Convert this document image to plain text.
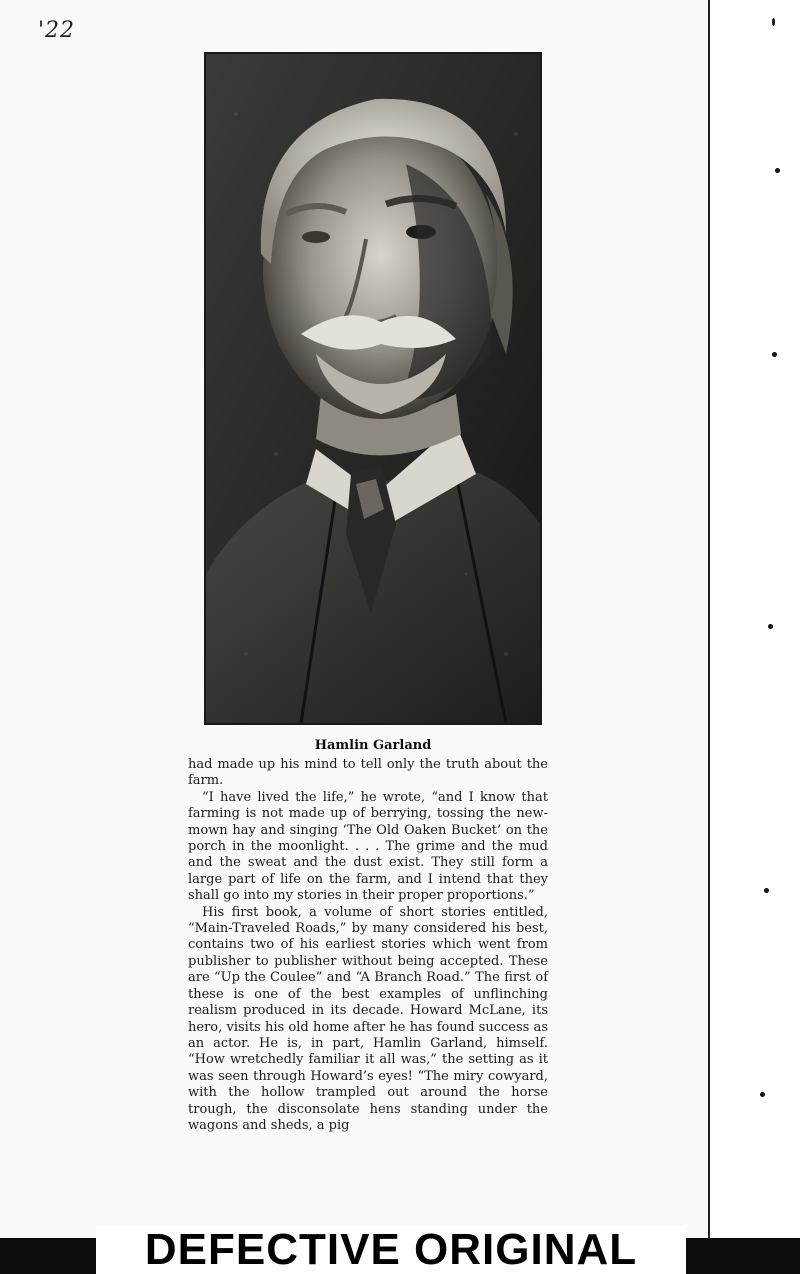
'22
Hamlin Garland

had made up his mind to tell only the truth about the farm.

“I have lived the life,” he wrote, “and I know that farming is not made up of berrying, tossing the new-mown hay and singing ‘The Old Oaken Bucket’ on the porch in the moonlight. . . . The grime and the mud and the sweat and the dust exist. They still form a large part of life on the farm, and I intend that they shall go into my stories in their proper proportions.”

His first book, a volume of short stories entitled, “Main-Traveled Roads,” by many considered his best, contains two of his earliest stories which went from publisher to publisher without being accepted. These are “Up the Coulee” and “A Branch Road.” The first of these is one of the best examples of unflinching realism produced in its decade. Howard McLane, its hero, visits his old home after he has found success as an actor. He is, in part, Hamlin Garland, himself. “How wretchedly familiar it all was,” the setting as it was seen through Howard’s eyes! “The miry cowyard, with the hollow trampled out around the horse trough, the disconsolate hens standing under the wagons and sheds, a pig

DEFECTIVE ORIGINAL
